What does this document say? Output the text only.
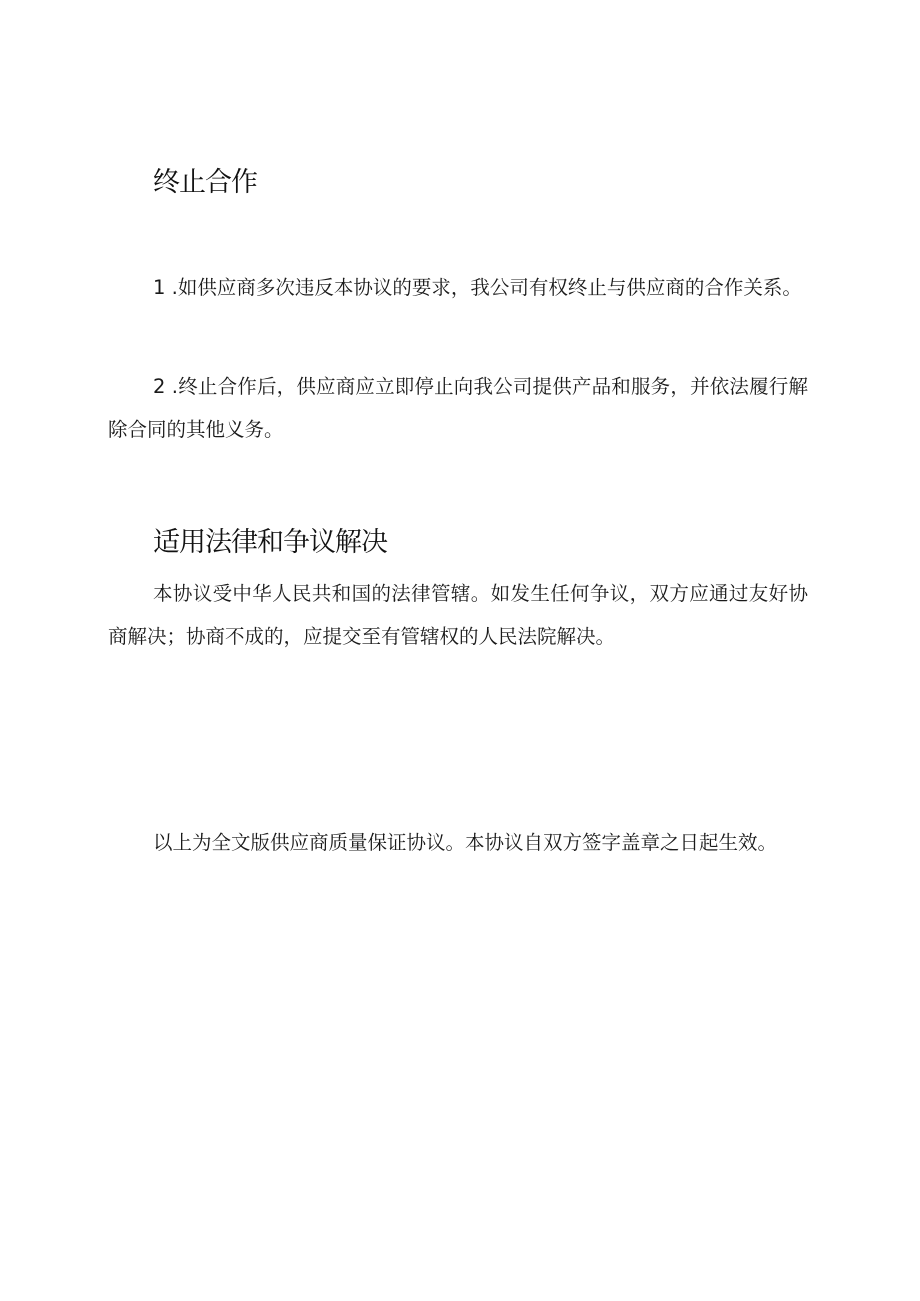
终止合作

1 .如供应商多次违反本协议的要求，我公司有权终止与供应商的合作关系。

2 .终止合作后，供应商应立即停止向我公司提供产品和服务，并依法履行解除合同的其他义务。

适用法律和争议解决

本协议受中华人民共和国的法律管辖。如发生任何争议，双方应通过友好协商解决；协商不成的，应提交至有管辖权的人民法院解决。

以上为全文版供应商质量保证协议。本协议自双方签字盖章之日起生效。
